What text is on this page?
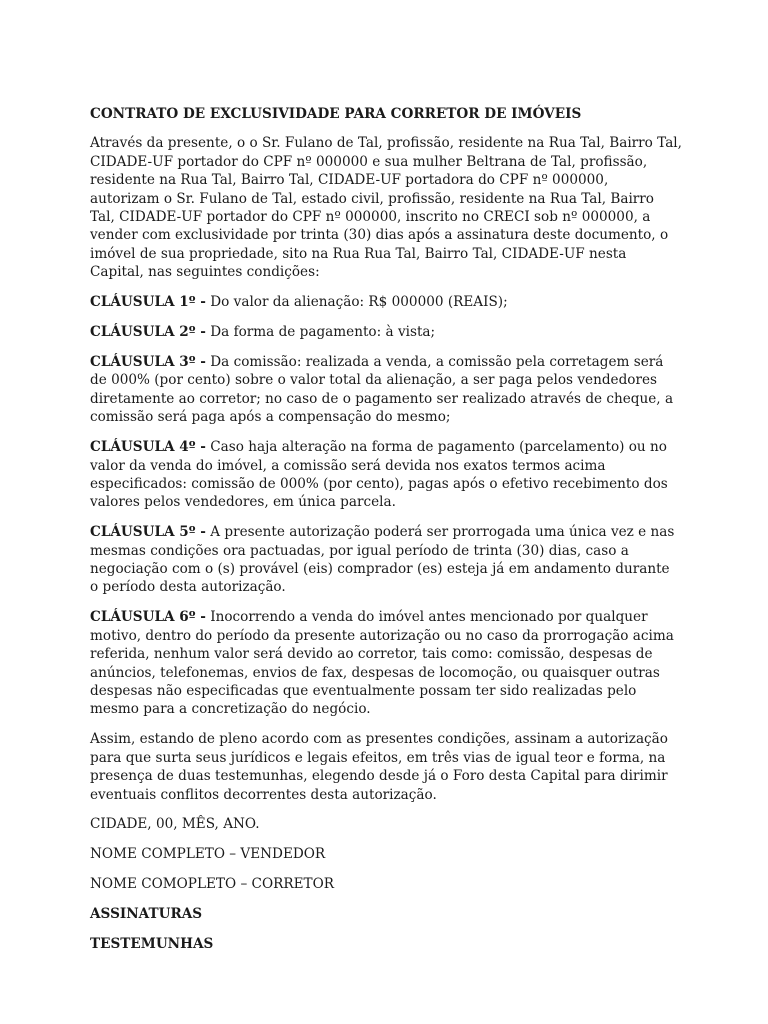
CONTRATO DE EXCLUSIVIDADE PARA CORRETOR DE IMÓVEIS

Através da presente, o o Sr. Fulano de Tal, profissão, residente na Rua Tal, Bairro Tal, CIDADE-UF portador do CPF nº 000000 e sua mulher Beltrana de Tal, profissão, residente na Rua Tal, Bairro Tal, CIDADE-UF portadora do CPF nº 000000, autorizam o Sr. Fulano de Tal, estado civil, profissão, residente na Rua Tal, Bairro Tal, CIDADE-UF portador do CPF nº 000000, inscrito no CRECI sob nº 000000, a vender com exclusividade por trinta (30) dias após a assinatura deste documento, o imóvel de sua propriedade, sito na Rua Rua Tal, Bairro Tal, CIDADE-UF nesta Capital, nas seguintes condições:

CLÁUSULA 1º - Do valor da alienação: R$ 000000 (REAIS);

CLÁUSULA 2º - Da forma de pagamento: à vista;

CLÁUSULA 3º - Da comissão: realizada a venda, a comissão pela corretagem será de 000% (por cento) sobre o valor total da alienação, a ser paga pelos vendedores diretamente ao corretor; no caso de o pagamento ser realizado através de cheque, a comissão será paga após a compensação do mesmo;

CLÁUSULA 4º - Caso haja alteração na forma de pagamento (parcelamento) ou no valor da venda do imóvel, a comissão será devida nos exatos termos acima especificados: comissão de 000% (por cento), pagas após o efetivo recebimento dos valores pelos vendedores, em única parcela.

CLÁUSULA 5º - A presente autorização poderá ser prorrogada uma única vez e nas mesmas condições ora pactuadas, por igual período de trinta (30) dias, caso a negociação com o (s) provável (eis) comprador (es) esteja já em andamento durante o período desta autorização.

CLÁUSULA 6º - Inocorrendo a venda do imóvel antes mencionado por qualquer motivo, dentro do período da presente autorização ou no caso da prorrogação acima referida, nenhum valor será devido ao corretor, tais como: comissão, despesas de anúncios, telefonemas, envios de fax, despesas de locomoção, ou quaisquer outras despesas não especificadas que eventualmente possam ter sido realizadas pelo mesmo para a concretização do negócio.

Assim, estando de pleno acordo com as presentes condições, assinam a autorização para que surta seus jurídicos e legais efeitos, em três vias de igual teor e forma, na presença de duas testemunhas, elegendo desde já o Foro desta Capital para dirimir eventuais conflitos decorrentes desta autorização.

CIDADE, 00, MÊS, ANO.

NOME COMPLETO – VENDEDOR

NOME COMOPLETO – CORRETOR

ASSINATURAS

TESTEMUNHAS
